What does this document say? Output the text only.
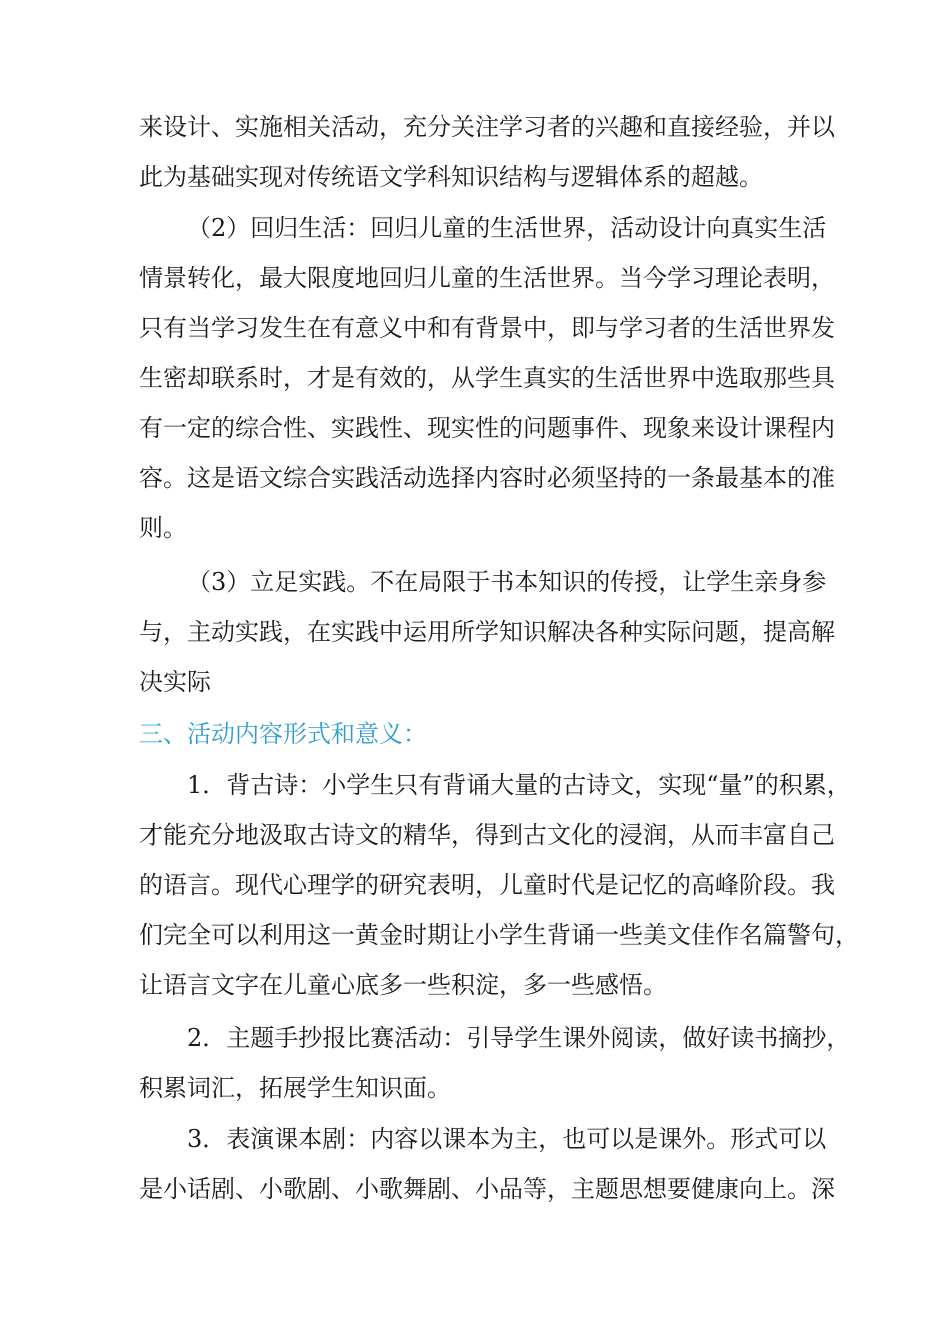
来设计、实施相关活动，充分关注学习者的兴趣和直接经验，并以
此为基础实现对传统语文学科知识结构与逻辑体系的超越。
（2）回归生活：回归儿童的生活世界，活动设计向真实生活
情景转化，最大限度地回归儿童的生活世界。当今学习理论表明，
只有当学习发生在有意义中和有背景中，即与学习者的生活世界发
生密却联系时，才是有效的，从学生真实的生活世界中选取那些具
有一定的综合性、实践性、现实性的问题事件、现象来设计课程内
容。这是语文综合实践活动选择内容时必须坚持的一条最基本的准
则。
（3）立足实践。不在局限于书本知识的传授，让学生亲身参
与，主动实践，在实践中运用所学知识解决各种实际问题，提高解
决实际
三、活动内容形式和意义：
1．背古诗：小学生只有背诵大量的古诗文，实现“量”的积累，
才能充分地汲取古诗文的精华，得到古文化的浸润，从而丰富自己
的语言。现代心理学的研究表明，儿童时代是记忆的高峰阶段。我
们完全可以利用这一黄金时期让小学生背诵一些美文佳作名篇警句，
让语言文字在儿童心底多一些积淀，多一些感悟。
2．主题手抄报比赛活动：引导学生课外阅读，做好读书摘抄，
积累词汇，拓展学生知识面。
3．表演课本剧：内容以课本为主，也可以是课外。形式可以
是小话剧、小歌剧、小歌舞剧、小品等，主题思想要健康向上。深
